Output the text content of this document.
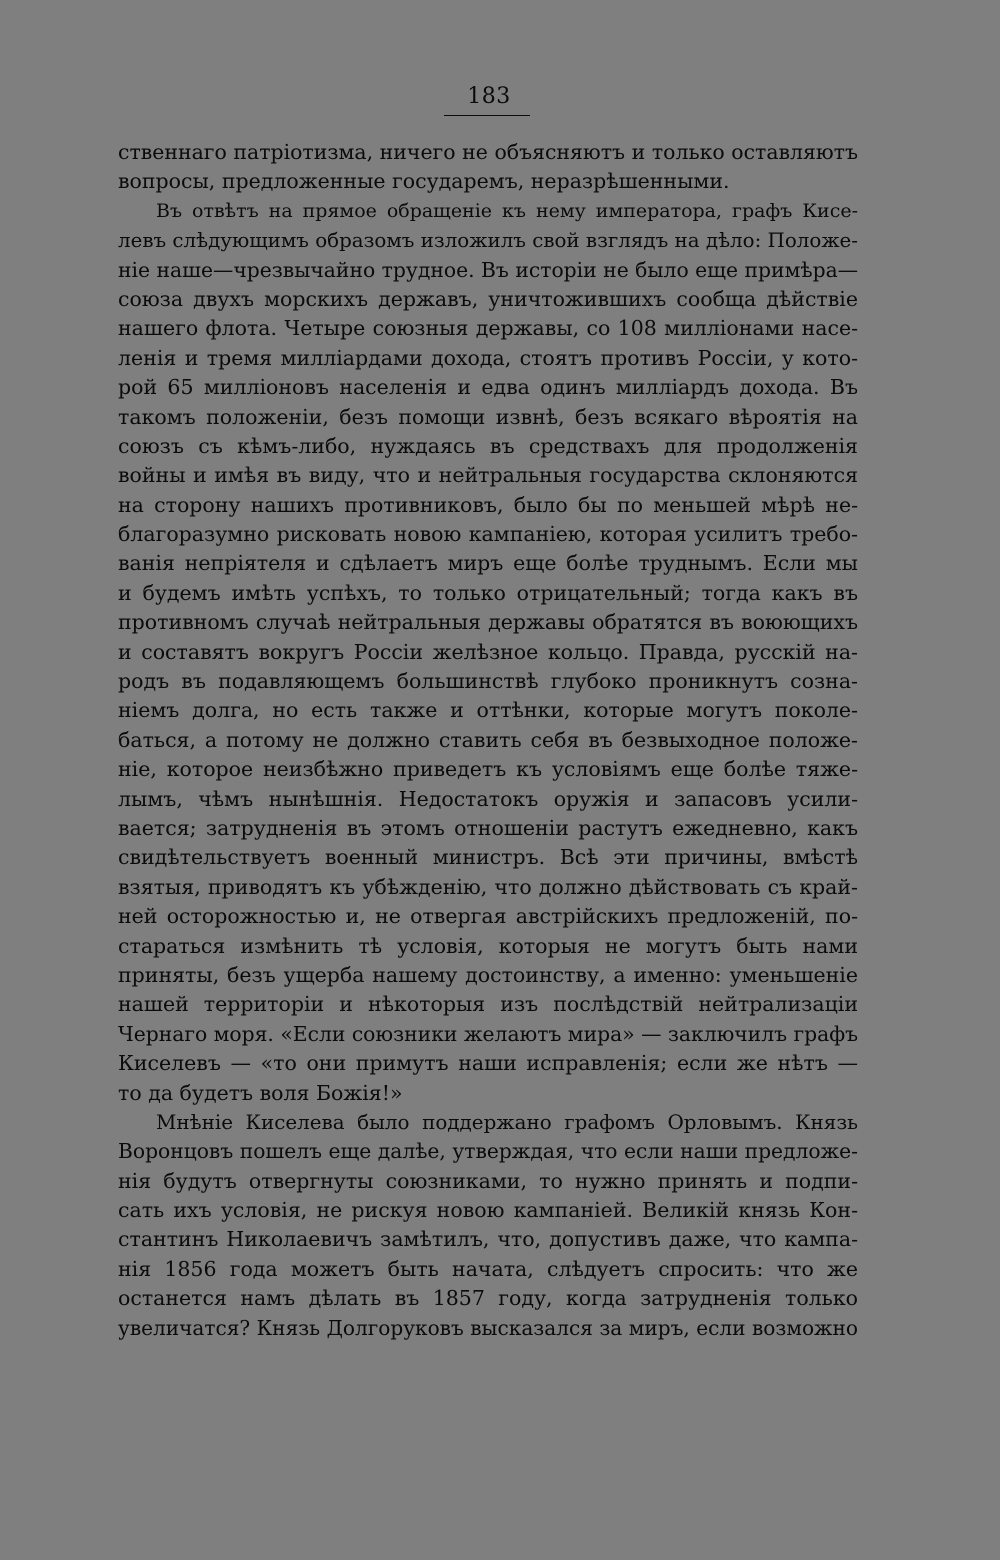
183
ственнаго патріотизма, ничего не объясняютъ и только оставляютъ
вопросы, предложенные государемъ, неразрѣшенными.
Въ отвѣтъ на прямое обращеніе къ нему императора, графъ Кисе-
левъ слѣдующимъ образомъ изложилъ свой взглядъ на дѣло: Положе-
ніе наше—чрезвычайно трудное. Въ исторіи не было еще примѣра—
союза двухъ морскихъ державъ, уничтожившихъ сообща дѣйствіе
нашего флота. Четыре союзныя державы, со 108 милліонами насе-
ленія и тремя милліардами дохода, стоятъ противъ Россіи, у кото-
рой 65 милліоновъ населенія и едва одинъ милліардъ дохода. Въ
такомъ положеніи, безъ помощи извнѣ, безъ всякаго вѣроятія на
союзъ съ кѣмъ-либо, нуждаясь въ средствахъ для продолженія
войны и имѣя въ виду, что и нейтральныя государства склоняются
на сторону нашихъ противниковъ, было бы по меньшей мѣрѣ не-
благоразумно рисковать новою кампаніею, которая усилитъ требо-
ванія непріятеля и сдѣлаетъ миръ еще болѣе труднымъ. Если мы
и будемъ имѣть успѣхъ, то только отрицательный; тогда какъ въ
противномъ случаѣ нейтральныя державы обратятся въ воюющихъ
и составятъ вокругъ Россіи желѣзное кольцо. Правда, русскій на-
родъ въ подавляющемъ большинствѣ глубоко проникнутъ созна-
ніемъ долга, но есть также и оттѣнки, которые могутъ поколе-
баться, а потому не должно ставить себя въ безвыходное положе-
ніе, которое неизбѣжно приведетъ къ условіямъ еще болѣе тяже-
лымъ, чѣмъ нынѣшнія. Недостатокъ оружія и запасовъ усили-
вается; затрудненія въ этомъ отношеніи растутъ ежедневно, какъ
свидѣтельствуетъ военный министръ. Всѣ эти причины, вмѣстѣ
взятыя, приводятъ къ убѣжденію, что должно дѣйствовать съ край-
ней осторожностью и, не отвергая австрійскихъ предложеній, по-
стараться измѣнить тѣ условія, которыя не могутъ быть нами
приняты, безъ ущерба нашему достоинству, а именно: уменьшеніе
нашей территоріи и нѣкоторыя изъ послѣдствій нейтрализаціи
Чернаго моря. «Если союзники желаютъ мира» — заключилъ графъ
Киселевъ — «то они примутъ наши исправленія; если же нѣтъ —
то да будетъ воля Божія!»
Мнѣніе Киселева было поддержано графомъ Орловымъ. Князь
Воронцовъ пошелъ еще далѣе, утверждая, что если наши предложе-
нія будутъ отвергнуты союзниками, то нужно принять и подпи-
сать ихъ условія, не рискуя новою кампаніей. Великій князь Кон-
стантинъ Николаевичъ замѣтилъ, что, допустивъ даже, что кампа-
нія 1856 года можетъ быть начата, слѣдуетъ спросить: что же
останется намъ дѣлать въ 1857 году, когда затрудненія только
увеличатся? Князь Долгоруковъ высказался за миръ, если возможно
